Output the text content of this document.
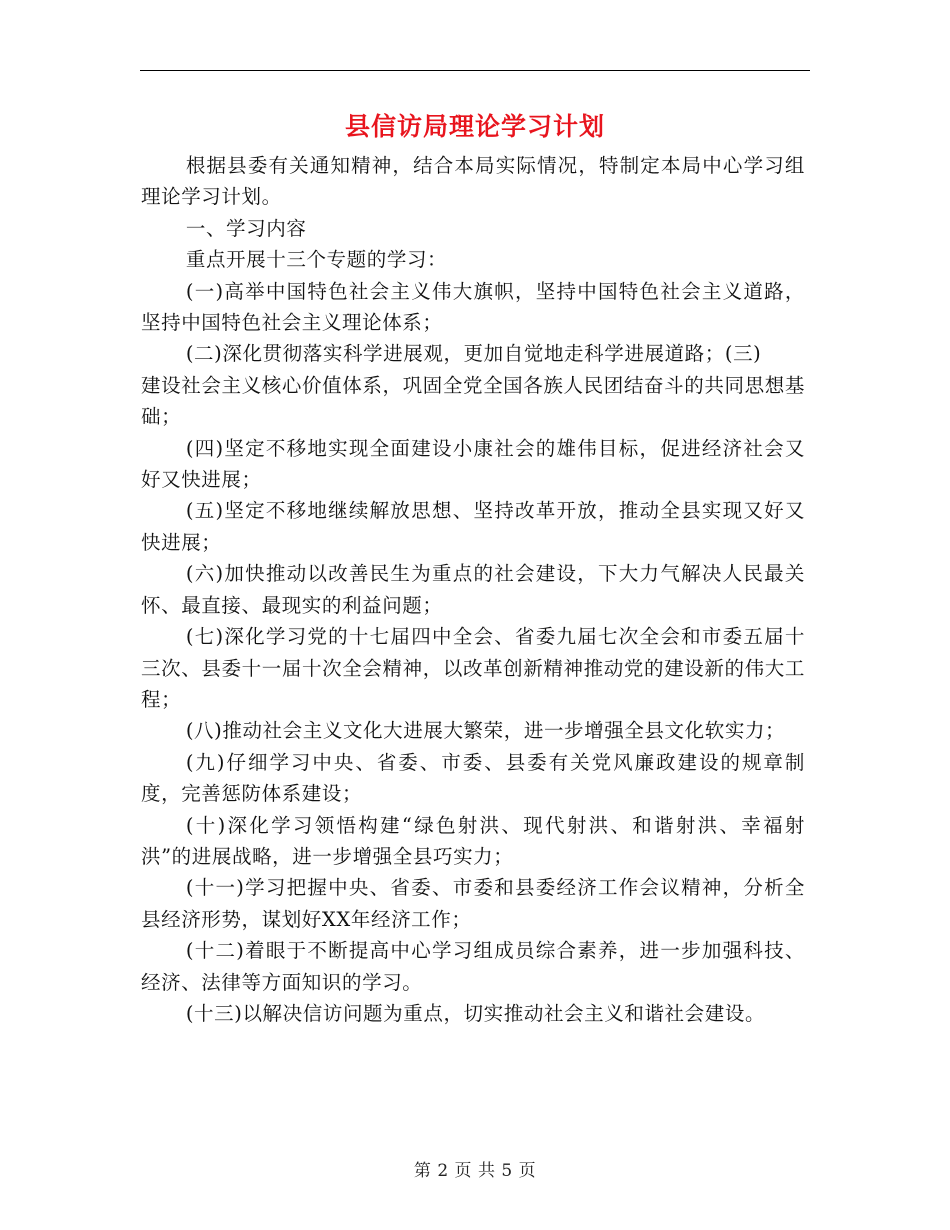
县信访局理论学习计划

根据县委有关通知精神，结合本局实际情况，特制定本局中心学习组理论学习计划。

一、学习内容

重点开展十三个专题的学习：

(一)高举中国特色社会主义伟大旗帜，坚持中国特色社会主义道路，坚持中国特色社会主义理论体系；

(二)深化贯彻落实科学进展观，更加自觉地走科学进展道路；(三)
建设社会主义核心价值体系，巩固全党全国各族人民团结奋斗的共同思想基础；

(四)坚定不移地实现全面建设小康社会的雄伟目标，促进经济社会又好又快进展；

(五)坚定不移地继续解放思想、坚持改革开放，推动全县实现又好又快进展；

(六)加快推动以改善民生为重点的社会建设，下大力气解决人民最关怀、最直接、最现实的利益问题；

(七)深化学习党的十七届四中全会、省委九届七次全会和市委五届十三次、县委十一届十次全会精神，以改革创新精神推动党的建设新的伟大工程；

(八)推动社会主义文化大进展大繁荣，进一步增强全县文化软实力；

(九)仔细学习中央、省委、市委、县委有关党风廉政建设的规章制度，完善惩防体系建设；

(十)深化学习领悟构建“绿色射洪、现代射洪、和谐射洪、幸福射洪”的进展战略，进一步增强全县巧实力；

(十一)学习把握中央、省委、市委和县委经济工作会议精神，分析全县经济形势，谋划好XX年经济工作；

(十二)着眼于不断提高中心学习组成员综合素养，进一步加强科技、经济、法律等方面知识的学习。

(十三)以解决信访问题为重点，切实推动社会主义和谐社会建设。

第 2 页 共 5 页
